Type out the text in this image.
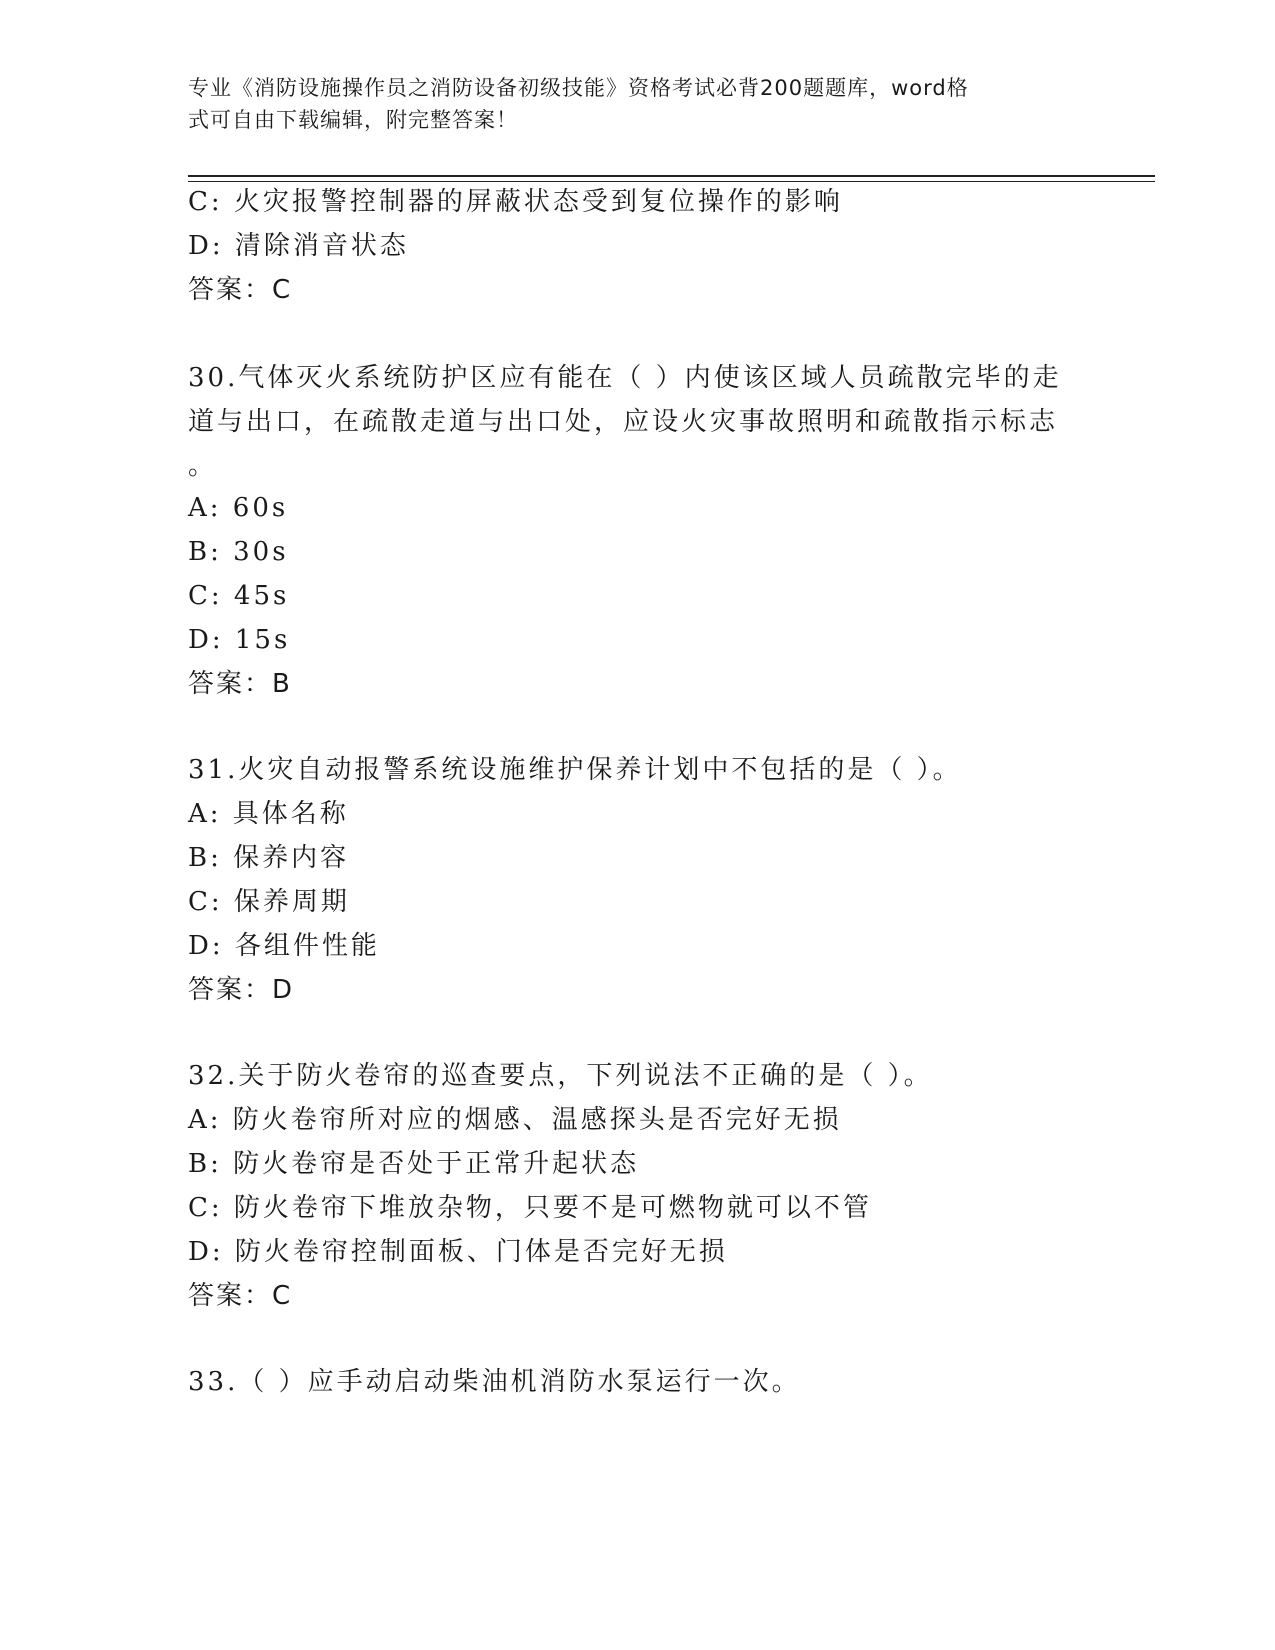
专业《消防设施操作员之消防设备初级技能》资格考试必背200题题库，word格
式可自由下载编辑，附完整答案！
C: 火灾报警控制器的屏蔽状态受到复位操作的影响
D: 清除消音状态
答案：C
30.气体灭火系统防护区应有能在（ ）内使该区域人员疏散完毕的走
道与出口，在疏散走道与出口处，应设火灾事故照明和疏散指示标志
。
A: 60s
B: 30s
C: 45s
D: 15s
答案：B
31.火灾自动报警系统设施维护保养计划中不包括的是（ ）。
A: 具体名称
B: 保养内容
C: 保养周期
D: 各组件性能
答案：D
32.关于防火卷帘的巡查要点，下列说法不正确的是（ ）。
A: 防火卷帘所对应的烟感、温感探头是否完好无损
B: 防火卷帘是否处于正常升起状态
C: 防火卷帘下堆放杂物，只要不是可燃物就可以不管
D: 防火卷帘控制面板、门体是否完好无损
答案：C
33.（ ）应手动启动柴油机消防水泵运行一次。
